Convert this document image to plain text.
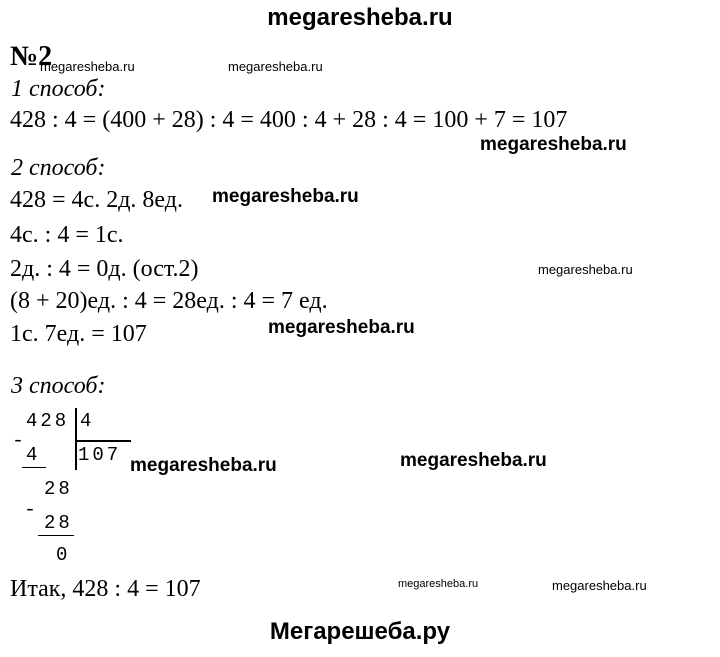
megaresheba.ru
№2
1 способ:
428 : 4 = (400 + 28) : 4 = 400 : 4 + 28 : 4 = 100 + 7 = 107
2 способ:
428 = 4с. 2д. 8ед.
4с. : 4 = 1с.
2д. : 4 = 0д. (ост.2)
(8 + 20)ед. : 4 = 28ед. : 4 = 7 ед.
1с. 7ед. = 107
3 способ:
428 4
107
-
4
28
-
28
0
Итак, 428 : 4 = 107
megaresheba.ru	megaresheba.ru
megaresheba.ru
megaresheba.ru
megaresheba.ru
megaresheba.ru
megaresheba.ru	megaresheba.ru
megaresheba.ru	megaresheba.ru
Мегарешеба.ру
